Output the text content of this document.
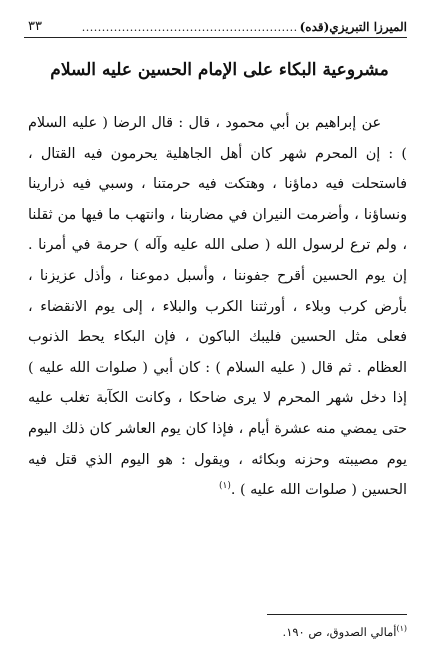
الميرزا التبريزي(قده)
......................................................
٣٣
مشروعية البكاء على الإمام الحسين عليه السلام
عن إبراهيم بن أبي محمود ، قال : قال الرضا ( عليه السلام ) : إن المحرم شهر كان أهل الجاهلية يحرمون فيه القتال ، فاستحلت فيه دماؤنا ، وهتكت فيه حرمتنا ، وسبي فيه ذرارينا ونساؤنا ، وأضرمت النيران في مضاربنا ، وانتهب ما فيها من ثقلنا ، ولم ترع لرسول الله ( صلى الله عليه وآله ) حرمة في أمرنا . إن يوم الحسين أقرح جفوننا ، وأسبل دموعنا ، وأذل عزيزنا ، بأرض كرب وبلاء ، أورثتنا الكرب والبلاء ، إلى يوم الانقضاء ، فعلى مثل الحسين فليبك الباكون ، فإن البكاء يحط الذنوب العظام . ثم قال ( عليه السلام ) : كان أبي ( صلوات الله عليه ) إذا دخل شهر المحرم لا يرى ضاحكا ، وكانت الكآبة تغلب عليه حتى يمضي منه عشرة أيام ، فإذا كان يوم العاشر كان ذلك اليوم يوم مصيبته وحزنه وبكائه ، ويقول : هو اليوم الذي قتل فيه الحسين ( صلوات الله عليه ) .$^{(١)}$
$^{(١)}$أمالي الصدوق، ص ١٩٠.
